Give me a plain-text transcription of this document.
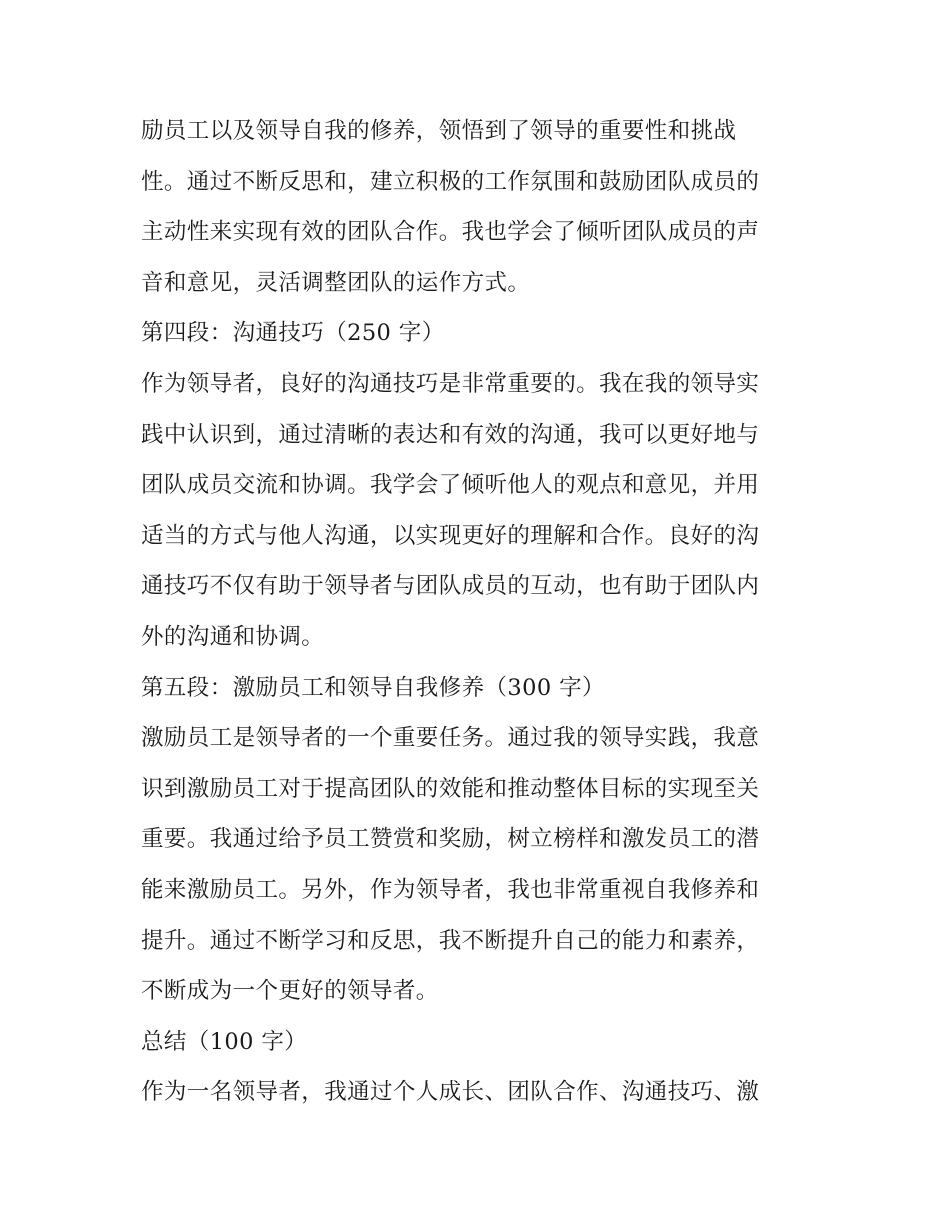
励员工以及领导自我的修养，领悟到了领导的重要性和挑战
性。通过不断反思和，建立积极的工作氛围和鼓励团队成员的
主动性来实现有效的团队合作。我也学会了倾听团队成员的声
音和意见，灵活调整团队的运作方式。
第四段：沟通技巧（250 字）
作为领导者，良好的沟通技巧是非常重要的。我在我的领导实
践中认识到，通过清晰的表达和有效的沟通，我可以更好地与
团队成员交流和协调。我学会了倾听他人的观点和意见，并用
适当的方式与他人沟通，以实现更好的理解和合作。良好的沟
通技巧不仅有助于领导者与团队成员的互动，也有助于团队内
外的沟通和协调。
第五段：激励员工和领导自我修养（300 字）
激励员工是领导者的一个重要任务。通过我的领导实践，我意
识到激励员工对于提高团队的效能和推动整体目标的实现至关
重要。我通过给予员工赞赏和奖励，树立榜样和激发员工的潜
能来激励员工。另外，作为领导者，我也非常重视自我修养和
提升。通过不断学习和反思，我不断提升自己的能力和素养，
不断成为一个更好的领导者。
总结（100 字）
作为一名领导者，我通过个人成长、团队合作、沟通技巧、激
